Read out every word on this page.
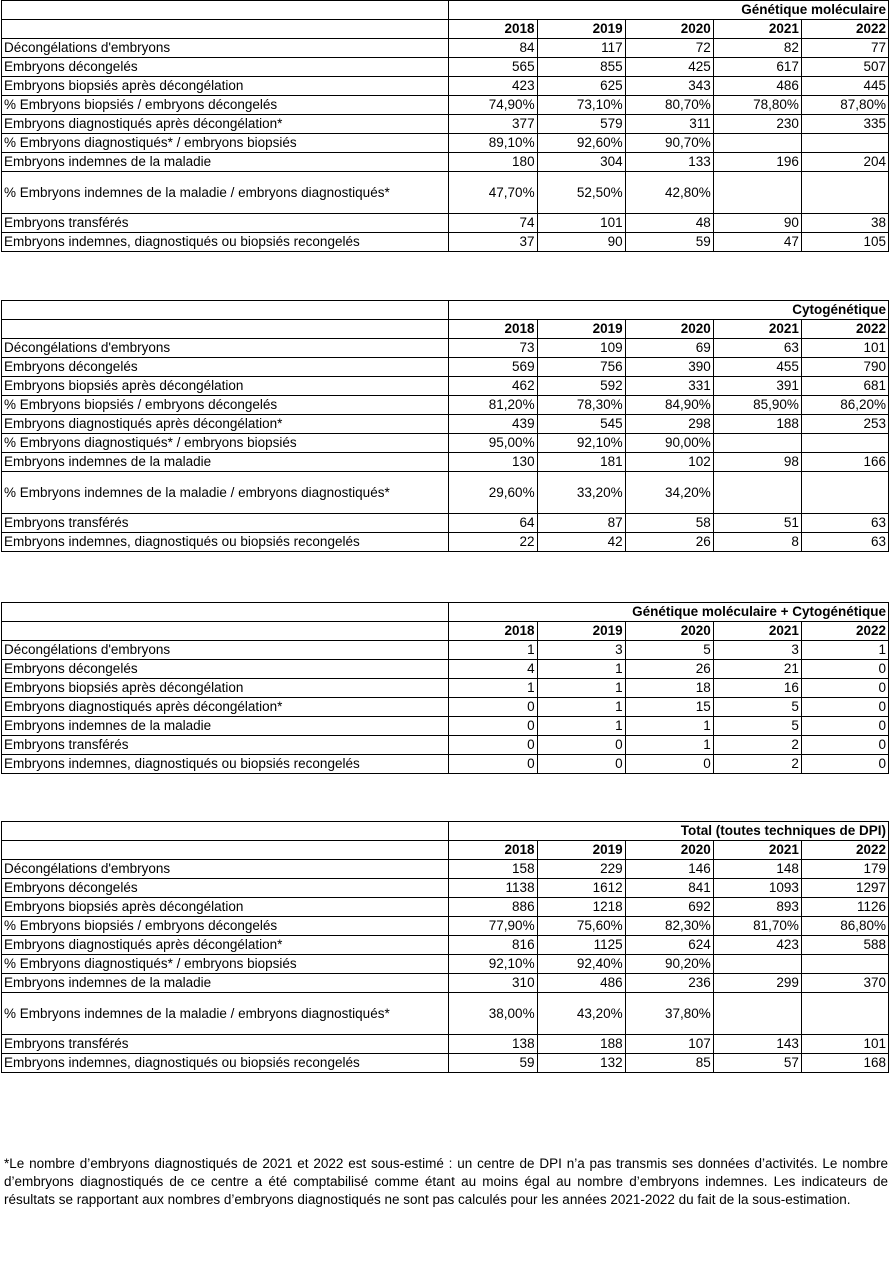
	Génétique moléculaire				
	2018	2019	2020	2021	2022
Décongélations d'embryons	84	117	72	82	77
Embryons décongelés	565	855	425	617	507
Embryons biopsiés après décongélation	423	625	343	486	445
% Embryons biopsiés / embryons décongelés	74,90%	73,10%	80,70%	78,80%	87,80%
Embryons diagnostiqués après décongélation*	377	579	311	230	335
% Embryons diagnostiqués* / embryons biopsiés	89,10%	92,60%	90,70%		
Embryons indemnes de la maladie	180	304	133	196	204
% Embryons indemnes de la maladie / embryons diagnostiqués*	47,70%	52,50%	42,80%		
Embryons transférés	74	101	48	90	38
Embryons indemnes, diagnostiqués ou biopsiés recongelés	37	90	59	47	105
	Cytogénétique				
	2018	2019	2020	2021	2022
Décongélations d'embryons	73	109	69	63	101
Embryons décongelés	569	756	390	455	790
Embryons biopsiés après décongélation	462	592	331	391	681
% Embryons biopsiés / embryons décongelés	81,20%	78,30%	84,90%	85,90%	86,20%
Embryons diagnostiqués après décongélation*	439	545	298	188	253
% Embryons diagnostiqués* / embryons biopsiés	95,00%	92,10%	90,00%		
Embryons indemnes de la maladie	130	181	102	98	166
% Embryons indemnes de la maladie / embryons diagnostiqués*	29,60%	33,20%	34,20%		
Embryons transférés	64	87	58	51	63
Embryons indemnes, diagnostiqués ou biopsiés recongelés	22	42	26	8	63
	Génétique moléculaire + Cytogénétique				
	2018	2019	2020	2021	2022
Décongélations d'embryons	1	3	5	3	1
Embryons décongelés	4	1	26	21	0
Embryons biopsiés après décongélation	1	1	18	16	0
Embryons diagnostiqués après décongélation*	0	1	15	5	0
Embryons indemnes de la maladie	0	1	1	5	0
Embryons transférés	0	0	1	2	0
Embryons indemnes, diagnostiqués ou biopsiés recongelés	0	0	0	2	0
	Total (toutes techniques de DPI)				
	2018	2019	2020	2021	2022
Décongélations d'embryons	158	229	146	148	179
Embryons décongelés	1138	1612	841	1093	1297
Embryons biopsiés après décongélation	886	1218	692	893	1126
% Embryons biopsiés / embryons décongelés	77,90%	75,60%	82,30%	81,70%	86,80%
Embryons diagnostiqués après décongélation*	816	1125	624	423	588
% Embryons diagnostiqués* / embryons biopsiés	92,10%	92,40%	90,20%		
Embryons indemnes de la maladie	310	486	236	299	370
% Embryons indemnes de la maladie / embryons diagnostiqués*	38,00%	43,20%	37,80%		
Embryons transférés	138	188	107	143	101
Embryons indemnes, diagnostiqués ou biopsiés recongelés	59	132	85	57	168
*Le nombre d’embryons diagnostiqués de 2021 et 2022 est sous-estimé : un centre de DPI n’a pas transmis ses données d’activités. Le nombre d’embryons diagnostiqués de ce centre a été comptabilisé comme étant au moins égal au nombre d’embryons indemnes. Les indicateurs de résultats se rapportant aux nombres d’embryons diagnostiqués ne sont pas calculés pour les années 2021-2022 du fait de la sous-estimation.
